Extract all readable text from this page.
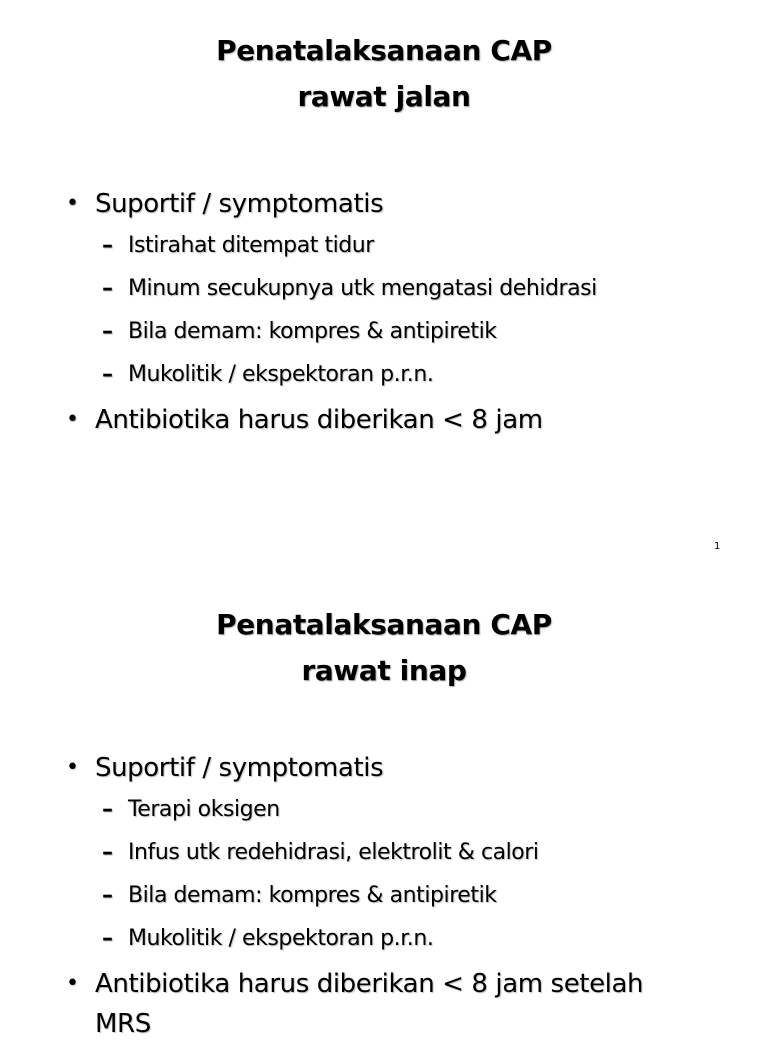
Penatalaksanaan CAP
rawat jalan
• Suportif / symptomatis
– Istirahat ditempat tidur
– Minum secukupnya utk mengatasi dehidrasi
– Bila demam: kompres & antipiretik
– Mukolitik / ekspektoran p.r.n.
• Antibiotika harus diberikan < 8 jam
1
Penatalaksanaan CAP
rawat inap
• Suportif / symptomatis
– Terapi oksigen
– Infus utk redehidrasi, elektrolit & calori
– Bila demam: kompres & antipiretik
– Mukolitik / ekspektoran p.r.n.
• Antibiotika harus diberikan < 8 jam setelah
MRS
